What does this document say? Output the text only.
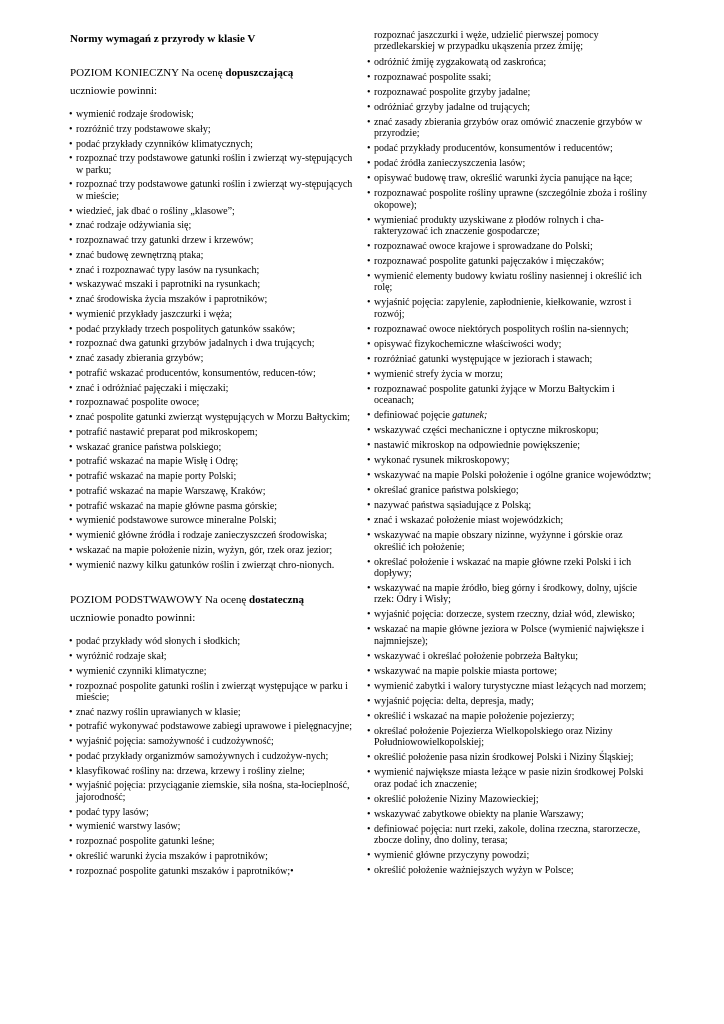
Normy wymagań z przyrody w klasie V
POZIOM KONIECZNY Na ocenę dopuszczającą
uczniowie powinni:
• wymienić rodzaje środowisk;
• rozróżnić trzy podstawowe skały;
• podać przykłady czynników klimatycznych;
• rozpoznać trzy podstawowe gatunki roślin i zwierząt wy-stępujących w parku;
• rozpoznać trzy podstawowe gatunki roślin i zwierząt wy-stępujących w mieście;
• wiedzieć, jak dbać o rośliny „klasowe”;
• znać rodzaje odżywiania się;
• rozpoznawać trzy gatunki drzew i krzewów;
• znać budowę zewnętrzną ptaka;
• znać i rozpoznawać typy lasów na rysunkach;
• wskazywać mszaki i paprotniki na rysunkach;
• znać środowiska życia mszaków i paprotników;
• wymienić przykłady jaszczurki i węża;
• podać przykłady trzech pospolitych gatunków ssaków;
• rozpoznać dwa gatunki grzybów jadalnych i dwa trujących;
• znać zasady zbierania grzybów;
• potrafić wskazać producentów, konsumentów, reducen-tów;
• znać i odróżniać pajęczaki i mięczaki;
• rozpoznawać pospolite owoce;
• znać pospolite gatunki zwierząt występujących w Morzu Bałtyckim;
• potrafić nastawić preparat pod mikroskopem;
• wskazać granice państwa polskiego;
• potrafić wskazać na mapie Wisłę i Odrę;
• potrafić wskazać na mapie porty Polski;
• potrafić wskazać na mapie Warszawę, Kraków;
• potrafić wskazać na mapie główne pasma górskie;
• wymienić podstawowe surowce mineralne Polski;
• wymienić główne źródła i rodzaje zanieczyszczeń środowiska;
• wskazać na mapie położenie nizin, wyżyn, gór, rzek oraz jezior;
• wymienić nazwy kilku gatunków roślin i zwierząt chro-nionych.
POZIOM PODSTWAWOWY Na ocenę dostateczną
uczniowie ponadto powinni:
• podać przykłady wód słonych i słodkich;
• wyróżnić rodzaje skał;
• wymienić czynniki klimatyczne;
• rozpoznać pospolite gatunki roślin i zwierząt występujące w parku i mieście;
• znać nazwy roślin uprawianych w klasie;
• potrafić wykonywać podstawowe zabiegi uprawowe i pielęgnacyjne;
• wyjaśnić pojęcia: samożywność i cudzożywność;
• podać przykłady organizmów samożywnych i cudzożyw-nych;
• klasyfikować rośliny na: drzewa, krzewy i rośliny zielne;
• wyjaśnić pojęcia: przyciąganie ziemskie, siła nośna, sta-łocieplność, jajorodność;
• podać typy lasów;
• wymienić warstwy lasów;
• rozpoznać pospolite gatunki leśne;
• określić warunki życia mszaków i paprotników;
• rozpoznać pospolite gatunki mszaków i paprotników;•
rozpoznać jaszczurki i węże, udzielić pierwszej pomocy przedlekarskiej w przypadku ukąszenia przez żmiję;
• odróżnić żmiję zygzakowatą od zaskrońca;
• rozpoznawać pospolite ssaki;
• rozpoznawać pospolite grzyby jadalne;
• odróżniać grzyby jadalne od trujących;
• znać zasady zbierania grzybów oraz omówić znaczenie grzybów w przyrodzie;
• podać przykłady producentów, konsumentów i reducentów;
• podać źródła zanieczyszczenia lasów;
• opisywać budowę traw, określić warunki życia panujące na łące;
• rozpoznawać pospolite rośliny uprawne (szczególnie zboża i rośliny okopowe);
• wymieniać produkty uzyskiwane z płodów rolnych i cha-rakteryzować ich znaczenie gospodarcze;
• rozpoznawać owoce krajowe i sprowadzane do Polski;
• rozpoznawać pospolite gatunki pajęczaków i mięczaków;
• wymienić elementy budowy kwiatu rośliny nasiennej i określić ich rolę;
• wyjaśnić pojęcia: zapylenie, zapłodnienie, kiełkowanie, wzrost i rozwój;
• rozpoznawać owoce niektórych pospolitych roślin na-siennych;
• opisywać fizykochemiczne właściwości wody;
• rozróżniać gatunki występujące w jeziorach i stawach;
• wymienić strefy życia w morzu;
• rozpoznawać pospolite gatunki żyjące w Morzu Bałtyckim i oceanach;
• definiować pojęcie gatunek;
• wskazywać części mechaniczne i optyczne mikroskopu;
• nastawić mikroskop na odpowiednie powiększenie;
• wykonać rysunek mikroskopowy;
• wskazywać na mapie Polski położenie i ogólne granice województw;
• określać granice państwa polskiego;
• nazywać państwa sąsiadujące z Polską;
• znać i wskazać położenie miast wojewódzkich;
• wskazywać na mapie obszary nizinne, wyżynne i górskie oraz określić ich położenie;
• określać położenie i wskazać na mapie główne rzeki Polski i ich dopływy;
• wskazywać na mapie źródło, bieg górny i środkowy, dolny, ujście rzek: Odry i Wisły;
• wyjaśnić pojęcia: dorzecze, system rzeczny, dział wód, zlewisko;
• wskazać na mapie główne jeziora w Polsce (wymienić największe i najmniejsze);
• wskazywać i określać położenie pobrzeża Bałtyku;
• wskazywać na mapie polskie miasta portowe;
• wymienić zabytki i walory turystyczne miast leżących nad morzem;
• wyjaśnić pojęcia: delta, depresja, mady;
• określić i wskazać na mapie położenie pojezierzy;
• określać położenie Pojezierza Wielkopolskiego oraz Niziny Południowowielkopolskiej;
• określić położenie pasa nizin środkowej Polski i Niziny Śląskiej;
• wymienić największe miasta leżące w pasie nizin środkowej Polski oraz podać ich znaczenie;
• określić położenie Niziny Mazowieckiej;
• wskazywać zabytkowe obiekty na planie Warszawy;
• definiować pojęcia: nurt rzeki, zakole, dolina rzeczna, starorzecze, zbocze doliny, dno doliny, terasa;
• wymienić główne przyczyny powodzi;
• określić położenie ważniejszych wyżyn w Polsce;
